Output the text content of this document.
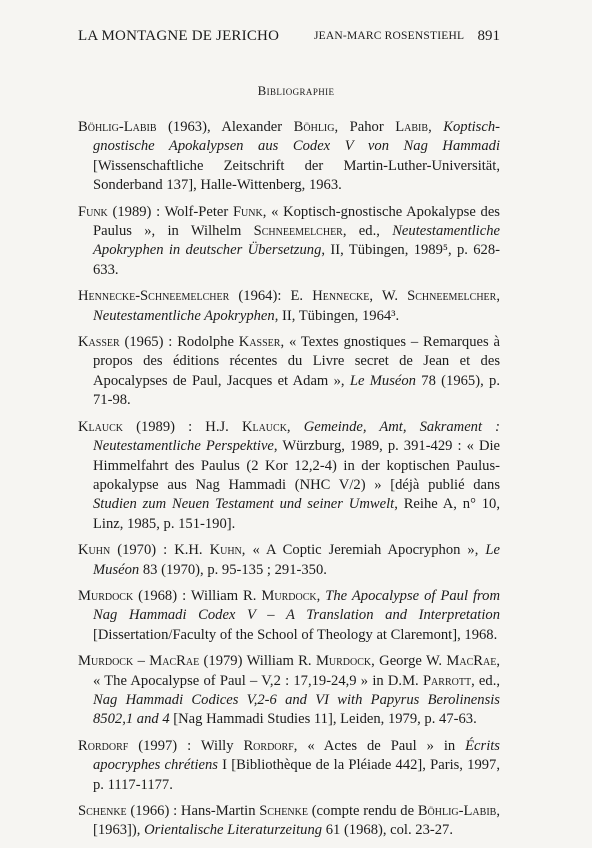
LA MONTAGNE DE JERICHO	JEAN-MARC ROSENSTIEHL 891
Bibliographie

Böhlig-Labib (1963), Alexander Böhlig, Pahor Labib, Koptisch-gnostische Apokalypsen aus Codex V von Nag Hammadi [Wissenschaftliche Zeitschrift der Martin-Luther-Universität, Sonderband 137], Halle-Wittenberg, 1963.

Funk (1989) : Wolf-Peter Funk, « Koptisch-gnostische Apokalypse des Paulus », in Wilhelm Schneemelcher, ed., Neutestamentliche Apokryphen in deutscher Übersetzung, II, Tübingen, 1989⁵, p. 628-633.

Hennecke-Schneemelcher (1964): E. Hennecke, W. Schneemelcher, Neutestamentliche Apokryphen, II, Tübingen, 1964³.

Kasser (1965) : Rodolphe Kasser, « Textes gnostiques – Remarques à propos des éditions récentes du Livre secret de Jean et des Apocalypses de Paul, Jacques et Adam », Le Muséon 78 (1965), p. 71-98.

Klauck (1989) : H.J. Klauck, Gemeinde, Amt, Sakrament : Neutestamentliche Perspektive, Würzburg, 1989, p. 391-429 : « Die Himmelfahrt des Paulus (2 Kor 12,2-4) in der koptischen Paulus-apokalypse aus Nag Hammadi (NHC V/2) » [déjà publié dans Studien zum Neuen Testament und seiner Umwelt, Reihe A, n° 10, Linz, 1985, p. 151-190].

Kuhn (1970) : K.H. Kuhn, « A Coptic Jeremiah Apocryphon », Le Muséon 83 (1970), p. 95-135 ; 291-350.

Murdock (1968) : William R. Murdock, The Apocalypse of Paul from Nag Hammadi Codex V – A Translation and Interpretation [Dissertation/Faculty of the School of Theology at Claremont], 1968.

Murdock – MacRae (1979) William R. Murdock, George W. MacRae, « The Apocalypse of Paul – V,2 : 17,19-24,9 » in D.M. Parrott, ed., Nag Hammadi Codices V,2-6 and VI with Papyrus Berolinensis 8502,1 and 4 [Nag Hammadi Studies 11], Leiden, 1979, p. 47-63.

Rordorf (1997) : Willy Rordorf, « Actes de Paul » in Écrits apocryphes chrétiens I [Bibliothèque de la Pléiade 442], Paris, 1997, p. 1117-1177.

Schenke (1966) : Hans-Martin Schenke (compte rendu de Böhlig-Labib, [1963]), Orientalische Literaturzeitung 61 (1968), col. 23-27.
